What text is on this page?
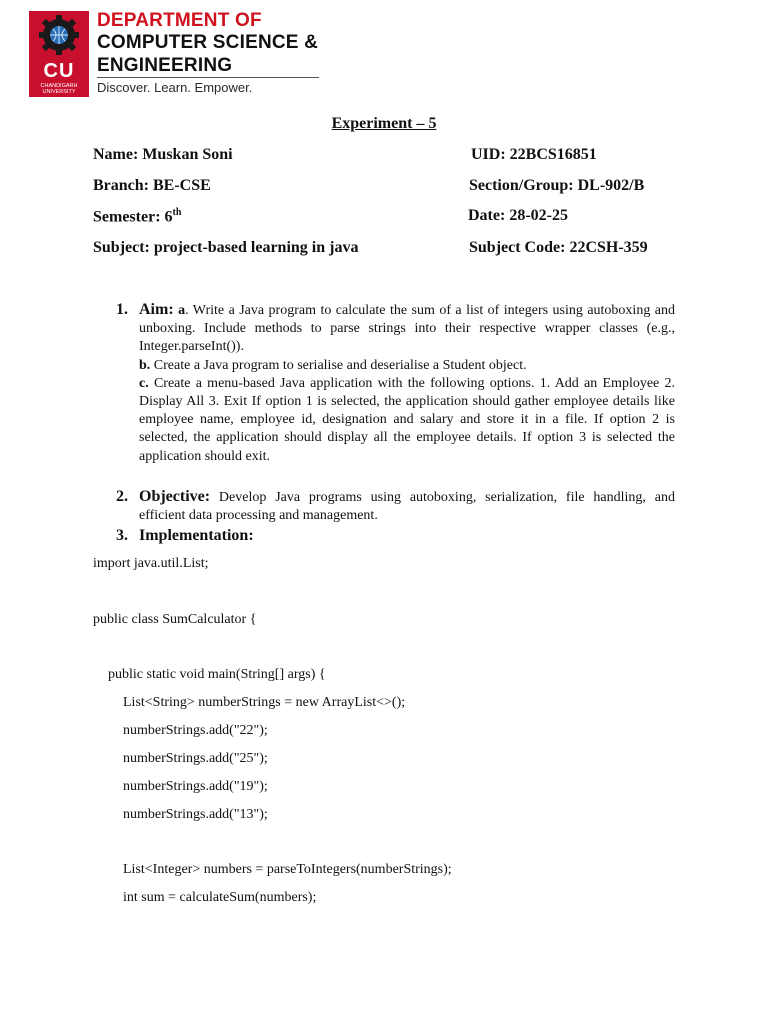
CU
CHANDIGARH UNIVERSITY
DEPARTMENT OF
COMPUTER SCIENCE &
ENGINEERING
Discover. Learn. Empower.
Experiment – 5
Name: Muskan Soni	UID: 22BCS16851
Branch: BE-CSE	Section/Group: DL-902/B
Semester: 6th	Date: 28-02-25
Subject: project-based learning in java	Subject Code: 22CSH-359
1. Aim: a. Write a Java program to calculate the sum of a list of integers using autoboxing and unboxing. Include methods to parse strings into their respective wrapper classes (e.g., Integer.parseInt()).
b. Create a Java program to serialise and deserialise a Student object.
c. Create a menu-based Java application with the following options. 1. Add an Employee 2. Display All 3. Exit If option 1 is selected, the application should gather employee details like employee name, employee id, designation and salary and store it in a file. If option 2 is selected, the application should display all the employee details. If option 3 is selected the application should exit.
2. Objective: Develop Java programs using autoboxing, serialization, file handling, and efficient data processing and management.
3. Implementation:
import java.util.List;
public class SumCalculator {
public static void main(String[] args) {
List<String> numberStrings = new ArrayList<>();
numberStrings.add("22");
numberStrings.add("25");
numberStrings.add("19");
numberStrings.add("13");
List<Integer> numbers = parseToIntegers(numberStrings);
int sum = calculateSum(numbers);
